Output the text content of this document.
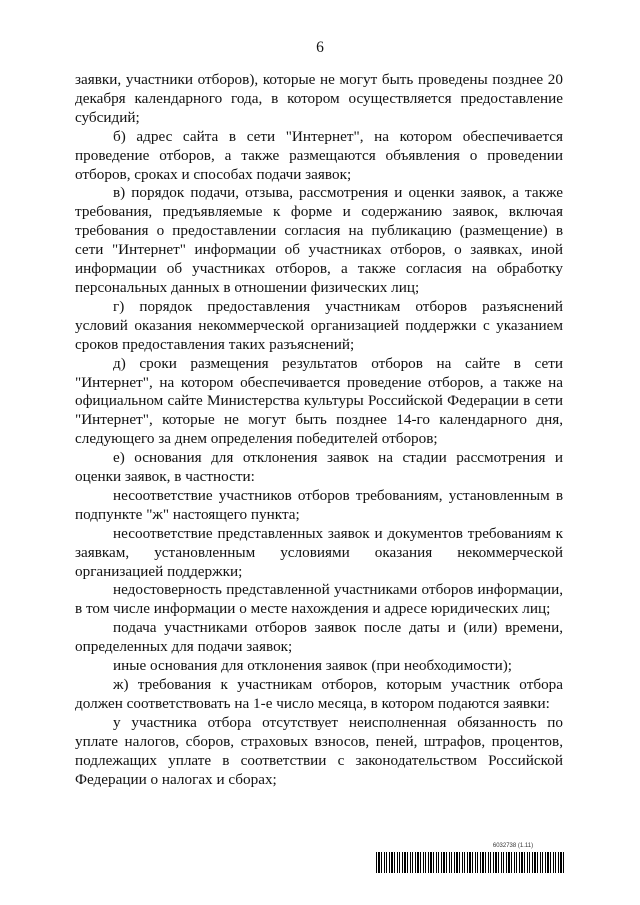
6

заявки, участники отборов), которые не могут быть проведены позднее 20 декабря календарного года, в котором осуществляется предоставление субсидий;

б) адрес сайта в сети "Интернет", на котором обеспечивается проведение отборов, а также размещаются объявления о проведении отборов, сроках и способах подачи заявок;

в) порядок подачи, отзыва, рассмотрения и оценки заявок, а также требования, предъявляемые к форме и содержанию заявок, включая требования о предоставлении согласия на публикацию (размещение) в сети "Интернет" информации об участниках отборов, о заявках, иной информации об участниках отборов, а также согласия на обработку персональных данных в отношении физических лиц;

г) порядок предоставления участникам отборов разъяснений условий оказания некоммерческой организацией поддержки с указанием сроков предоставления таких разъяснений;

д) сроки размещения результатов отборов на сайте в сети "Интернет", на котором обеспечивается проведение отборов, а также на официальном сайте Министерства культуры Российской Федерации в сети "Интернет", которые не могут быть позднее 14-го календарного дня, следующего за днем определения победителей отборов;

е) основания для отклонения заявок на стадии рассмотрения и оценки заявок, в частности:

несоответствие участников отборов требованиям, установленным в подпункте "ж" настоящего пункта;

несоответствие представленных заявок и документов требованиям к заявкам, установленным условиями оказания некоммерческой организацией поддержки;

недостоверность представленной участниками отборов информации, в том числе информации о месте нахождения и адресе юридических лиц;

подача участниками отборов заявок после даты и (или) времени, определенных для подачи заявок;

иные основания для отклонения заявок (при необходимости);

ж) требования к участникам отборов, которым участник отбора должен соответствовать на 1-е число месяца, в котором подаются заявки:

у участника отбора отсутствует неисполненная обязанность по уплате налогов, сборов, страховых взносов, пеней, штрафов, процентов, подлежащих уплате в соответствии с законодательством Российской Федерации о налогах и сборах;

6032738 (1.11)
